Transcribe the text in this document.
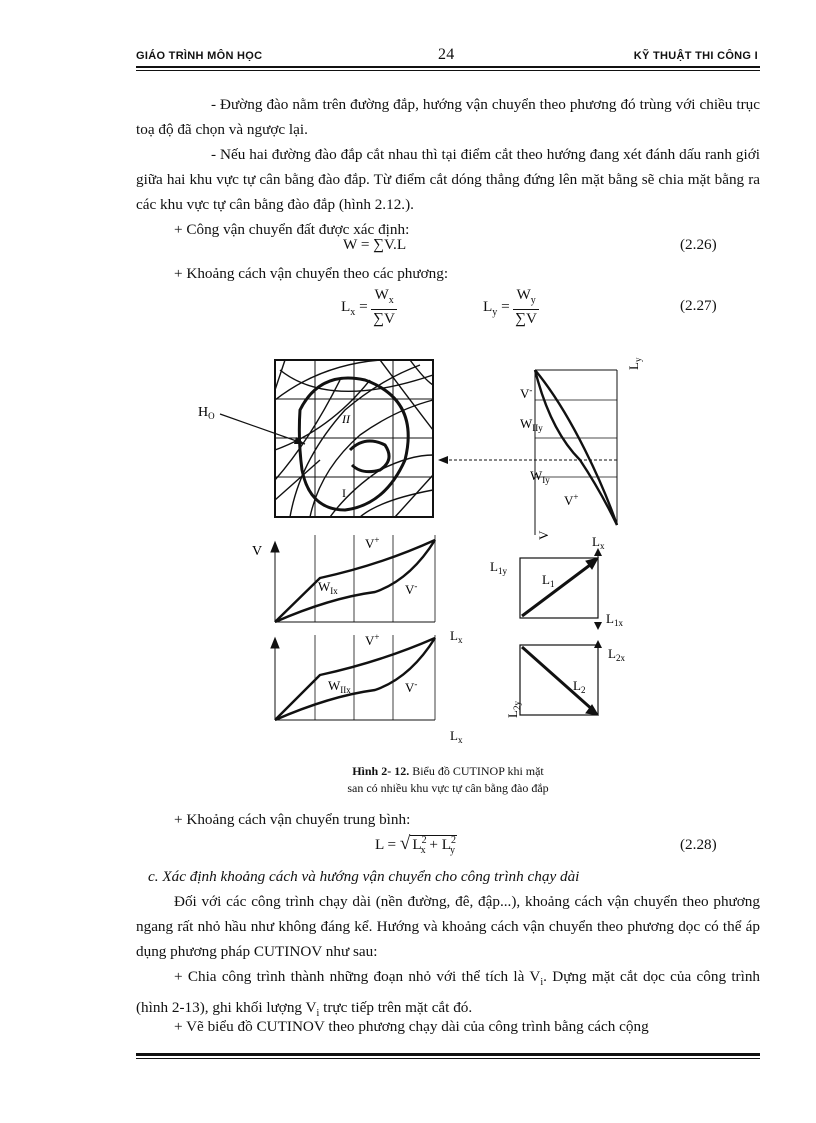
GIÁO TRÌNH MÔN HỌC	24	KỸ THUẬT THI CÔNG I

- Đường đào nằm trên đường đắp, hướng vận chuyển theo phương đó trùng với chiều trục toạ độ đã chọn và ngược lại.

- Nếu hai đường đào đắp cắt nhau thì tại điểm cắt theo hướng đang xét đánh dấu ranh giới giữa hai khu vực tự cân bằng đào đắp. Từ điểm cắt dóng thẳng đứng lên mặt bằng sẽ chia mặt bằng ra các khu vực tự cân bằng đào đắp (hình 2.12.).

+ Công vận chuyển đất được xác định:

W = ∑V.L	(2.26)

+ Khoảng cách vận chuyển theo các phương:

$L_x = \frac{W_x}{\sum V}$	$L_y = \frac{W_y}{\sum V}$	(2.27)
$H_O$	II
I
$L_y$
V-
$W_{IIy}$
$W_{Iy}$
V+
V
V
V+
$W_{Ix}$	V-
$L_x$
V+
$W_{IIx}$	V-
$L_x$
$L_x$
$L_{1y}$
$L_1$
$L_{1x}$
$L_{2x}$
$L_2$
$L_{2y}$
Hình 2- 12. Biểu đồ CUTINOP khi mặt
san có nhiều khu vực tự cân bằng đào đắp

+ Khoảng cách vận chuyển trung bình:

L = √ $L^2_x + L^2_y$	(2.28)

c. Xác định khoảng cách và hướng vận chuyển cho công trình chạy dài

Đối với các công trình chạy dài (nền đường, đê, đập...), khoảng cách vận chuyển theo phương ngang rất nhỏ hầu như không đáng kể. Hướng và khoảng cách vận chuyển theo phương dọc có thể áp dụng phương pháp CUTINOV như sau:

+ Chia công trình thành những đoạn nhỏ với thể tích là $V_i$. Dựng mặt cắt dọc của công trình (hình 2-13), ghi khối lượng $V_i$ trực tiếp trên mặt cắt đó.

+ Vẽ biểu đồ CUTINOV theo phương chạy dài của công trình bằng cách cộng
